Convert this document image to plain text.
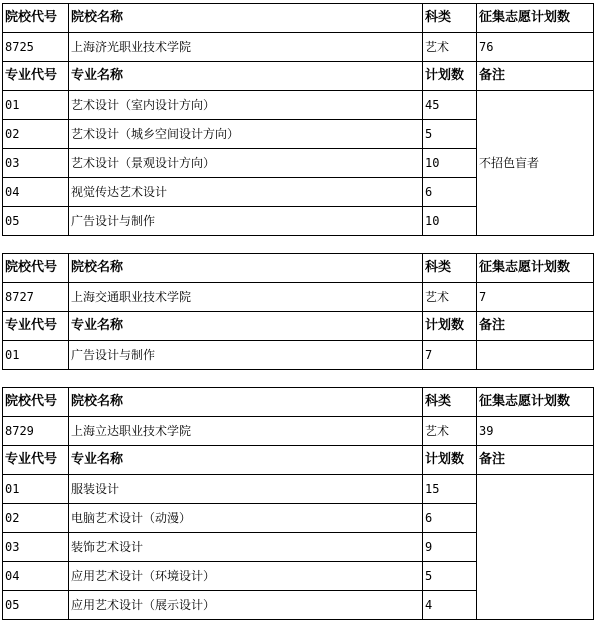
院校代号	院校名称	科类	征集志愿计划数
8725	上海济光职业技术学院	艺术	76
专业代号	专业名称	计划数	备注
01	艺术设计（室内设计方向）	45	不招色盲者
02	艺术设计（城乡空间设计方向）	5	
03	艺术设计（景观设计方向）	10	
04	视觉传达艺术设计	6	
05	广告设计与制作	10	
院校代号	院校名称	科类	征集志愿计划数
8727	上海交通职业技术学院	艺术	7
专业代号	专业名称	计划数	备注
01	广告设计与制作	7	
院校代号	院校名称	科类	征集志愿计划数
8729	上海立达职业技术学院	艺术	39
专业代号	专业名称	计划数	备注
01	服装设计	15	
02	电脑艺术设计（动漫）	6	
03	装饰艺术设计	9	
04	应用艺术设计（环境设计）	5	
05	应用艺术设计（展示设计）	4	
